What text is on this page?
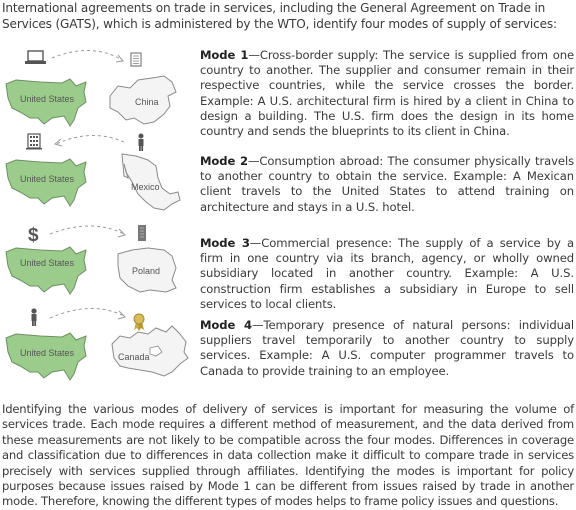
International agreements on trade in services, including the General Agreement on Trade in Services (GATS), which is administered by the WTO, identify four modes of supply of services:

United States	China

Mode 1—Cross-border supply: The service is supplied from one country to another. The supplier and consumer remain in their respective countries, while the service crosses the border. Example: A U.S. architectural firm is hired by a client in China to design a building. The U.S. firm does the design in its home country and sends the blueprints to its client in China.

United States
Mexico

Mode 2—Consumption abroad: The consumer physically travels to another country to obtain the service. Example: A Mexican client travels to the United States to attend training on architecture and stays in a U.S. hotel.

$
United States
Poland

Mode 3—Commercial presence: The supply of a service by a firm in one country via its branch, agency, or wholly owned subsidiary located in another country. Example: A U.S. construction firm establishes a subsidiary in Europe to sell services to local clients.

United States	Canada

Mode 4—Temporary presence of natural persons: individual suppliers travel temporarily to another country to supply services. Example: A U.S. computer programmer travels to Canada to provide training to an employee.

Identifying the various modes of delivery of services is important for measuring the volume of services trade. Each mode requires a different method of measurement, and the data derived from these measurements are not likely to be compatible across the four modes. Differences in coverage and classification due to differences in data collection make it difficult to compare trade in services precisely with services supplied through affiliates. Identifying the modes is important for policy purposes because issues raised by Mode 1 can be different from issues raised by trade in another mode. Therefore, knowing the different types of modes helps to frame policy issues and questions.
